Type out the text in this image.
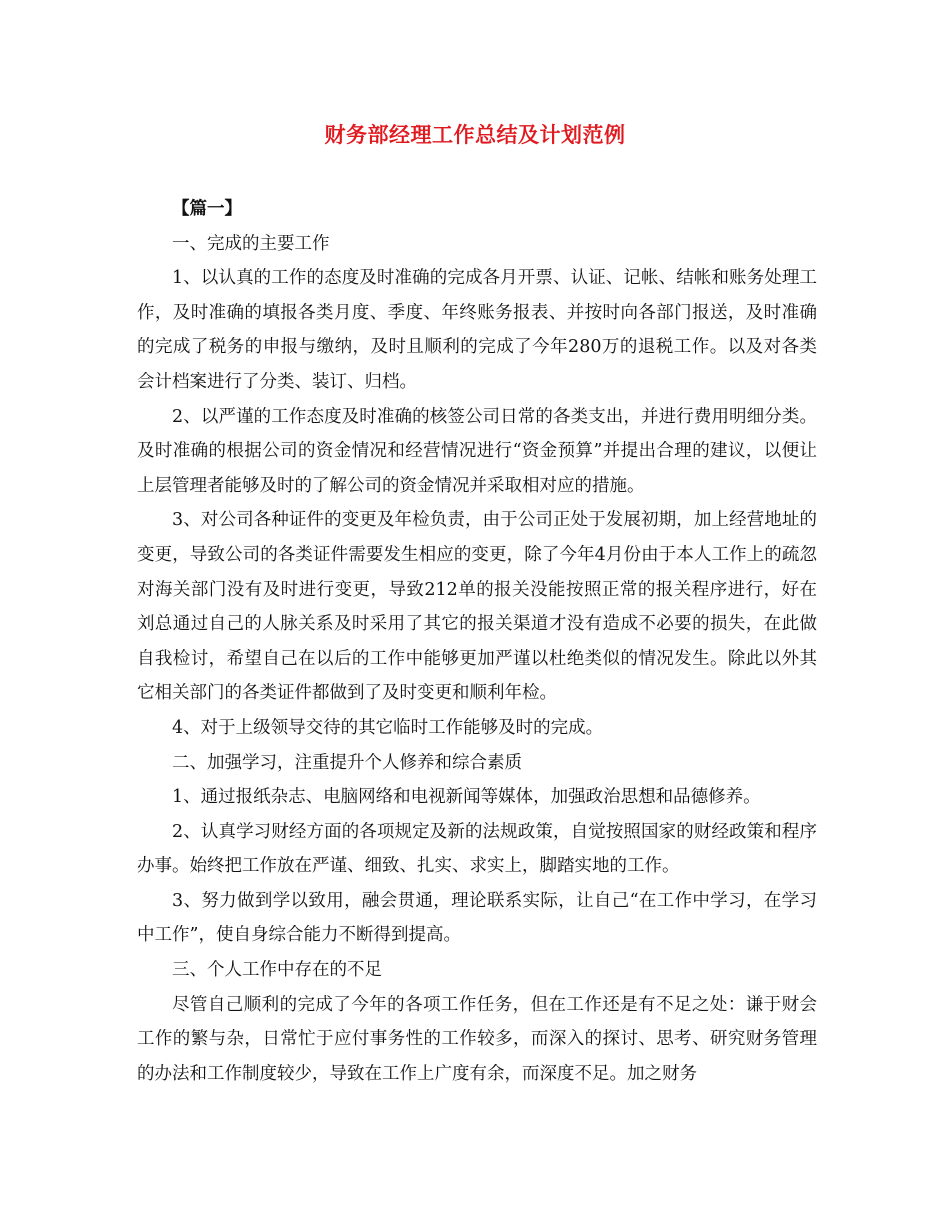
财务部经理工作总结及计划范例

【篇一】

一、完成的主要工作

1、以认真的工作的态度及时准确的完成各月开票、认证、记帐、结帐和账务处理工作，及时准确的填报各类月度、季度、年终账务报表、并按时向各部门报送，及时准确的完成了税务的申报与缴纳，及时且顺利的完成了今年280万的退税工作。以及对各类会计档案进行了分类、装订、归档。

2、以严谨的工作态度及时准确的核签公司日常的各类支出，并进行费用明细分类。及时准确的根据公司的资金情况和经营情况进行“资金预算”并提出合理的建议，以便让上层管理者能够及时的了解公司的资金情况并采取相对应的措施。

3、对公司各种证件的变更及年检负责，由于公司正处于发展初期，加上经营地址的变更，导致公司的各类证件需要发生相应的变更，除了今年4月份由于本人工作上的疏忽对海关部门没有及时进行变更，导致212单的报关没能按照正常的报关程序进行，好在刘总通过自己的人脉关系及时采用了其它的报关渠道才没有造成不必要的损失，在此做自我检讨，希望自己在以后的工作中能够更加严谨以杜绝类似的情况发生。除此以外其它相关部门的各类证件都做到了及时变更和顺利年检。

4、对于上级领导交待的其它临时工作能够及时的完成。

二、加强学习，注重提升个人修养和综合素质

1、通过报纸杂志、电脑网络和电视新闻等媒体，加强政治思想和品德修养。

2、认真学习财经方面的各项规定及新的法规政策，自觉按照国家的财经政策和程序办事。始终把工作放在严谨、细致、扎实、求实上，脚踏实地的工作。

3、努力做到学以致用，融会贯通，理论联系实际，让自己“在工作中学习，在学习中工作”，使自身综合能力不断得到提高。

三、个人工作中存在的不足

尽管自己顺利的完成了今年的各项工作任务，但在工作还是有不足之处：谦于财会工作的繁与杂，日常忙于应付事务性的工作较多，而深入的探讨、思考、研究财务管理的办法和工作制度较少，导致在工作上广度有余，而深度不足。加之财务
